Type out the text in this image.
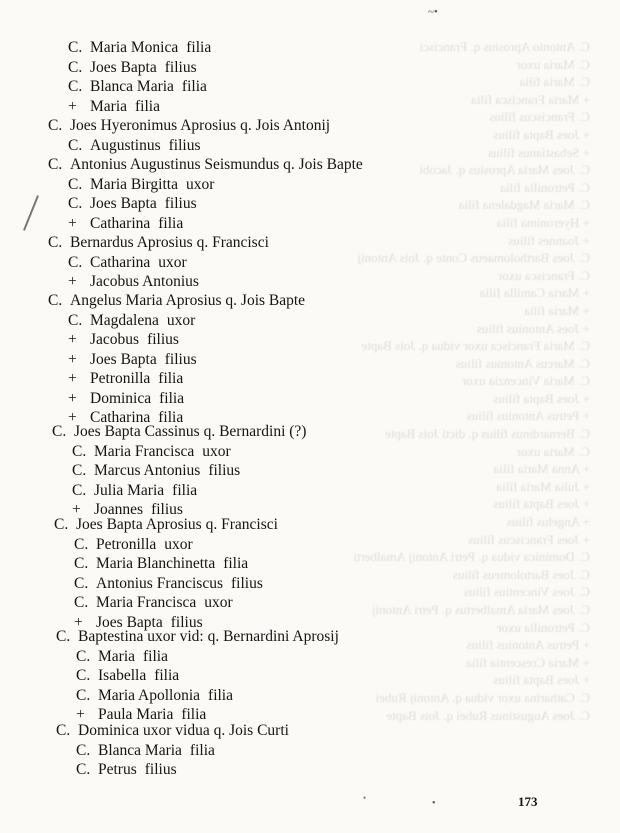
C. Antonio Aprosius q. Francisci
C. Maria uxor
C. Maria filia
+ Maria Francisca filia
C. Franciscus filius
+ Joes Bapta filius
+ Sebastianus filius
C. Joes Maria Aprosius q. Jacobi
C. Petronilla filia
C. Maria Magdalena filia
+ Hyeronima filia
+ Joannes filius
C. Joes Bartholomaeus Conte q. Jois Antonij
C. Francisca uxor
+ Maria Camilla filia
+ Maria filia
+ Joes Antonius filius
C. Maria Francisca uxor vidua q. Jois Bapte
C. Marcus Antonius filius
C. Maria Vincenzia uxor
+ Joes Bapta filius
+ Petrus Antonius filius
C. Bernardinus filius q. dicti Jois Bapte
C. Maria uxor
+ Anna Maria filia
+ Julia Maria filia
+ Joes Bapta filius
+ Angelus filius
+ Joes Franciscus filius
C. Dominica vidua q. Petri Antonij Amalberti
C. Joes Bartolomeus filius
C. Joes Vincentius filius
C. Joes Maria Amalbertus q. Petri Antonij
C. Petronilla uxor
+ Petrus Antonius filius
+ Maria Crescentia filia
+ Joes Bapta filius
C. Catharina uxor vidua q. Antonij Rubei
C. Joes Augustinus Rubei q. Jois Bapte
~•
C. Maria Monica filia
C. Joes Bapta filius
C. Blanca Maria filia
+ Maria filia
C. Joes Hyeronimus Aprosius q. Jois Antonij
C. Augustinus filius
C. Antonius Augustinus Seismundus q. Jois Bapte
C. Maria Birgitta uxor
C. Joes Bapta filius
+ Catharina filia
C. Bernardus Aprosius q. Francisci
C. Catharina uxor
+ Jacobus Antonius
C. Angelus Maria Aprosius q. Jois Bapte
C. Magdalena uxor
+ Jacobus filius
+ Joes Bapta filius
+ Petronilla filia
+ Dominica filia
+ Catharina filia
C. Joes Bapta Cassinus q. Bernardini (?)
C. Maria Francisca uxor
C. Marcus Antonius filius
C. Julia Maria filia
+ Joannes filius
C. Joes Bapta Aprosius q. Francisci
C. Petronilla uxor
C. Maria Blanchinetta filia
C. Antonius Franciscus filius
C. Maria Francisca uxor
+ Joes Bapta filius
C. Baptestina uxor vid: q. Bernardini Aprosij
C. Maria filia
C. Isabella filia
C. Maria Apollonia filia
+ Paula Maria filia
C. Dominica uxor vidua q. Jois Curti
C. Blanca Maria filia
C. Petrus filius
•	•	173
